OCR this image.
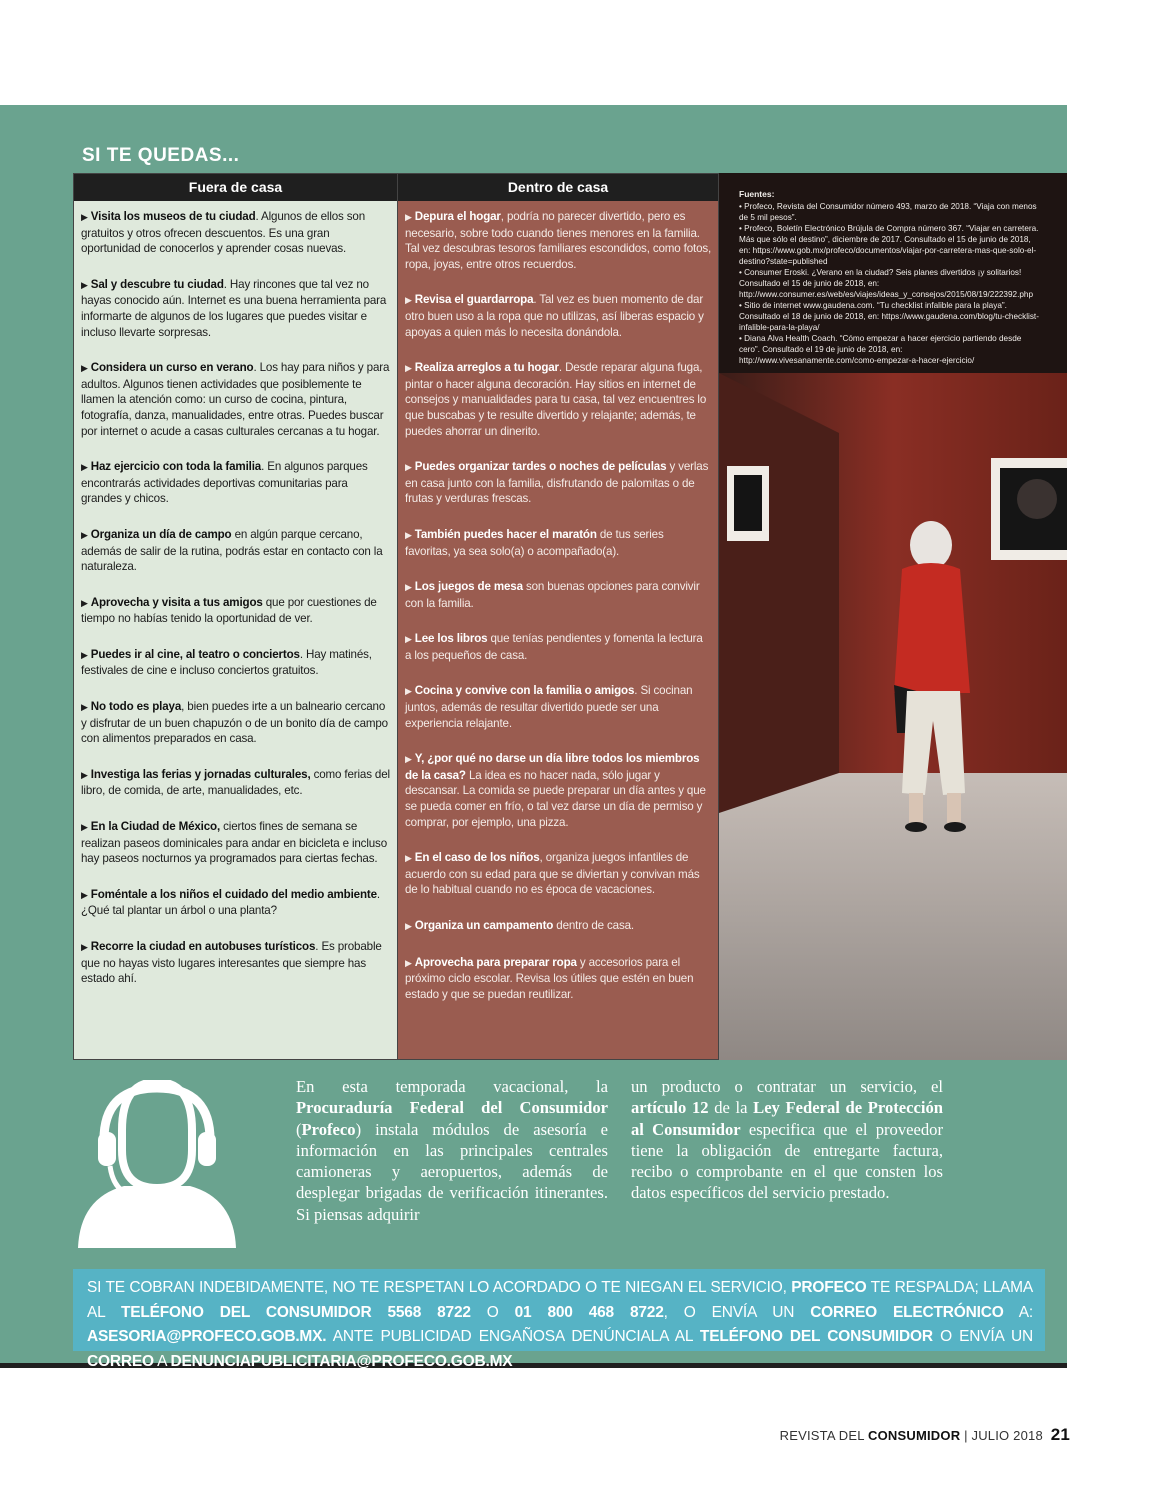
SI TE QUEDAS...
Fuera de casa

▶ Visita los museos de tu ciudad. Algunos de ellos son gratuitos y otros ofrecen descuentos. Es una gran oportunidad de conocerlos y aprender cosas nuevas.

▶ Sal y descubre tu ciudad. Hay rincones que tal vez no hayas conocido aún. Internet es una buena herramienta para informarte de algunos de los lugares que puedes visitar e incluso llevarte sorpresas.

▶ Considera un curso en verano. Los hay para niños y para adultos. Algunos tienen actividades que posiblemente te llamen la atención como: un curso de cocina, pintura, fotografía, danza, manualidades, entre otras. Puedes buscar por internet o acude a casas culturales cercanas a tu hogar.

▶ Haz ejercicio con toda la familia. En algunos parques encontrarás actividades deportivas comunitarias para grandes y chicos.

▶ Organiza un día de campo en algún parque cercano, además de salir de la rutina, podrás estar en contacto con la naturaleza.

▶ Aprovecha y visita a tus amigos que por cuestiones de tiempo no habías tenido la oportunidad de ver.

▶ Puedes ir al cine, al teatro o conciertos. Hay matinés, festivales de cine e incluso conciertos gratuitos.

▶ No todo es playa, bien puedes irte a un balneario cercano y disfrutar de un buen chapuzón o de un bonito día de campo con alimentos preparados en casa.

▶ Investiga las ferias y jornadas culturales, como ferias del libro, de comida, de arte, manualidades, etc.

▶ En la Ciudad de México, ciertos fines de semana se realizan paseos dominicales para andar en bicicleta e incluso hay paseos nocturnos ya programados para ciertas fechas.

▶ Foméntale a los niños el cuidado del medio ambiente. ¿Qué tal plantar un árbol o una planta?

▶ Recorre la ciudad en autobuses turísticos. Es probable que no hayas visto lugares interesantes que siempre has estado ahí.

Dentro de casa

▶ Depura el hogar, podría no parecer divertido, pero es necesario, sobre todo cuando tienes menores en la familia. Tal vez descubras tesoros familiares escondidos, como fotos, ropa, joyas, entre otros recuerdos.

▶ Revisa el guardarropa. Tal vez es buen momento de dar otro buen uso a la ropa que no utilizas, así liberas espacio y apoyas a quien más lo necesita donándola.

▶ Realiza arreglos a tu hogar. Desde reparar alguna fuga, pintar o hacer alguna decoración. Hay sitios en internet de consejos y manualidades para tu casa, tal vez encuentres lo que buscabas y te resulte divertido y relajante; además, te puedes ahorrar un dinerito.

▶ Puedes organizar tardes o noches de películas y verlas en casa junto con la familia, disfrutando de palomitas o de frutas y verduras frescas.

▶ También puedes hacer el maratón de tus series favoritas, ya sea solo(a) o acompañado(a).

▶ Los juegos de mesa son buenas opciones para convivir con la familia.

▶ Lee los libros que tenías pendientes y fomenta la lectura a los pequeños de casa.

▶ Cocina y convive con la familia o amigos. Si cocinan juntos, además de resultar divertido puede ser una experiencia relajante.

▶ Y, ¿por qué no darse un día libre todos los miembros de la casa? La idea es no hacer nada, sólo jugar y descansar. La comida se puede preparar un día antes y que se pueda comer en frío, o tal vez darse un día de permiso y comprar, por ejemplo, una pizza.

▶ En el caso de los niños, organiza juegos infantiles de acuerdo con su edad para que se diviertan y convivan más de lo habitual cuando no es época de vacaciones.

▶ Organiza un campamento dentro de casa.

▶ Aprovecha para preparar ropa y accesorios para el próximo ciclo escolar. Revisa los útiles que estén en buen estado y que se puedan reutilizar.

Fuentes:

• Profeco, Revista del Consumidor número 493, marzo de 2018. “Viaja con menos de 5 mil pesos”.

• Profeco, Boletín Electrónico Brújula de Compra número 367. “Viajar en carretera. Más que sólo el destino”, diciembre de 2017. Consultado el 15 de junio de 2018, en: https://www.gob.mx/profeco/documentos/viajar-por-carretera-mas-que-solo-el-destino?state=published

• Consumer Eroski. ¿Verano en la ciudad? Seis planes divertidos ¡y solitarios! Consultado el 15 de junio de 2018, en: http://www.consumer.es/web/es/viajes/ideas_y_consejos/2015/08/19/222392.php

• Sitio de internet www.gaudena.com. “Tu checklist infalible para la playa”. Consultado el 18 de junio de 2018, en: https://www.gaudena.com/blog/tu-checklist-infalible-para-la-playa/

• Diana Alva Health Coach. “Cómo empezar a hacer ejercicio partiendo desde cero”. Consultado el 19 de junio de 2018, en: http://www.vivesanamente.com/como-empezar-a-hacer-ejercicio/

En esta temporada vacacional, la Procuraduría Federal del Consumidor (Profeco) instala módulos de asesoría e información en las principales centrales camioneras y aeropuertos, además de desplegar brigadas de verificación itinerantes. Si piensas adquirir

un producto o contratar un servicio, el artículo 12 de la Ley Federal de Protección al Consumidor especifica que el proveedor tiene la obligación de entregarte factura, recibo o comprobante en el que consten los datos específicos del servicio prestado.

SI TE COBRAN INDEBIDAMENTE, NO TE RESPETAN LO ACORDADO O TE NIEGAN EL SERVICIO, PROFECO TE RESPALDA; LLAMA AL TELÉFONO DEL CONSUMIDOR 5568 8722 O 01 800 468 8722, O ENVÍA UN CORREO ELECTRÓNICO A: ASESORIA@PROFECO.GOB.MX. ANTE PUBLICIDAD ENGAÑOSA DENÚNCIALA AL TELÉFONO DEL CONSUMIDOR O ENVÍA UN CORREO A DENUNCIAPUBLICITARIA@PROFECO.GOB.MX
REVISTA DEL CONSUMIDOR | JULIO 2018 21
